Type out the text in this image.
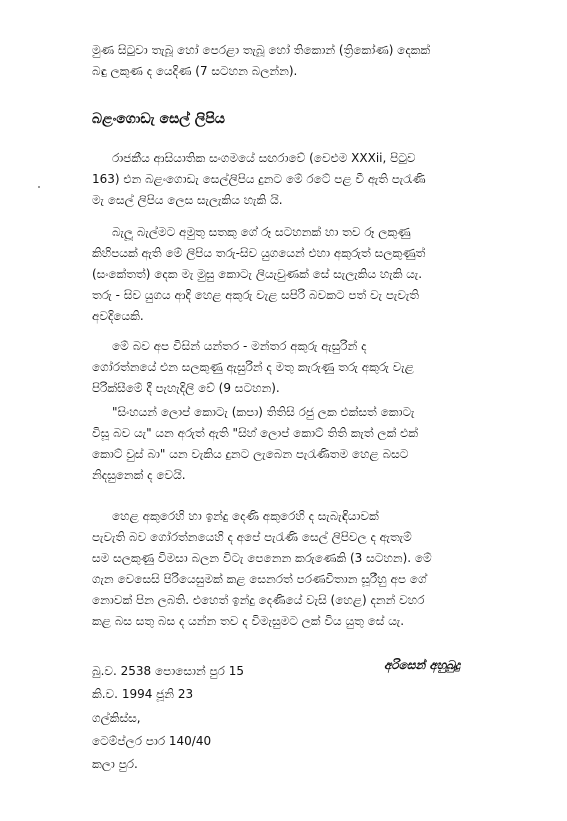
මුණ සිටුවා තැබූ හෝ පෙරළා තැබූ හෝ තිකොන් (ත්‍රිකෝණ) දෙකක්
බඳු ලකුණ ද යෙදිණ (7 සටහන බලන්න).
බළංගොඩැ සෙල් ලිපිය
රාජකීය ආසියාතික සංගමයේ සඟරාවේ (වෙළුම XXXii, පිටුව
163) එන බළංගොඩැ සෙල්ලිපිය දුනට මේ රටේ පළ වී ඇති පැරැණි
මැ සෙල් ලිපිය ලෙස සැලැකිය හැකි යි.
බැලූ බැල්මට අමුතු සතකු ගේ රූ සටහනක් හා තව රූ ලකුණු
කිහිපයක් ඇති මේ ලිපිය තරු-සිව යුගයෙන් එහා අකුරුත් සලකුණුත්
(සංකේතත්) දෙක මැ මුසු කොටැ ලියැවුණක් සේ සැලැකිය හැකි යැ.
තරු - සිව යුගය ආදි හෙළ අකුරු වැළ සපිරි බවකට පත් වැ පැවැති
අවදියෙකි.
මේ බව අප විසින් යන්තර - මන්තර අකුරු ඇසුරින් ද
ගෝරත්නයේ එන සලකුණු ඇසුරින් ද මතු කැරුණු තරු අකුරු වැළ
පිරික්සීමේ දී පැහැදිලි වේ (9 සටහන).
"සිංහයන් ලොප් කොටැ (කපා) තිතිසි රජු ලක එක්සත් කොටැ
විසූ බව යැ" යන අරුත් ඇති "සිහ් ලොප් කොට් තිති කැත් ලක් එක්
කොට් වුස් බා" යන වැකිය දුනට ලැබෙන පැරැණිතම හෙළ බසට
නිදසුනෙක් ද වෙයි.
හෙළ අකුරෙහි හා ඉන්දු දෙණි අකුරෙහි ද සැබැඳියාවක්
පැවැති බව ගෝරත්නයෙහි ද අපේ පැරැණි සෙල් ලිපිවල ද ඇතැම්
සම සලකුණු විමසා බලන විටැ පෙනෙන කරුණෙකි (3 සටහන). මේ
ගැන වෙසෙසි පිරියෙසුමක් කළ සෙනරත් පරණවිතාන සූරීහු අප ගේ
නොවක් පින ලබති. එහෙත් ඉන්දු දෙණියේ වැසි (හෙළ) දනන් වහර
කළ බස සතු බස ද යන්න තව ද විමැසුමට ලක් විය යුතු සේ යැ.
බු.ව. 2538 පොසොන් පුර 15
කි.ව. 1994 ජූනි 23
අරිසෙන් අහුබුදු
ගල්කිස්ස,
ටෙම්ප්ලර පාර 140/40
කලා පුර.
